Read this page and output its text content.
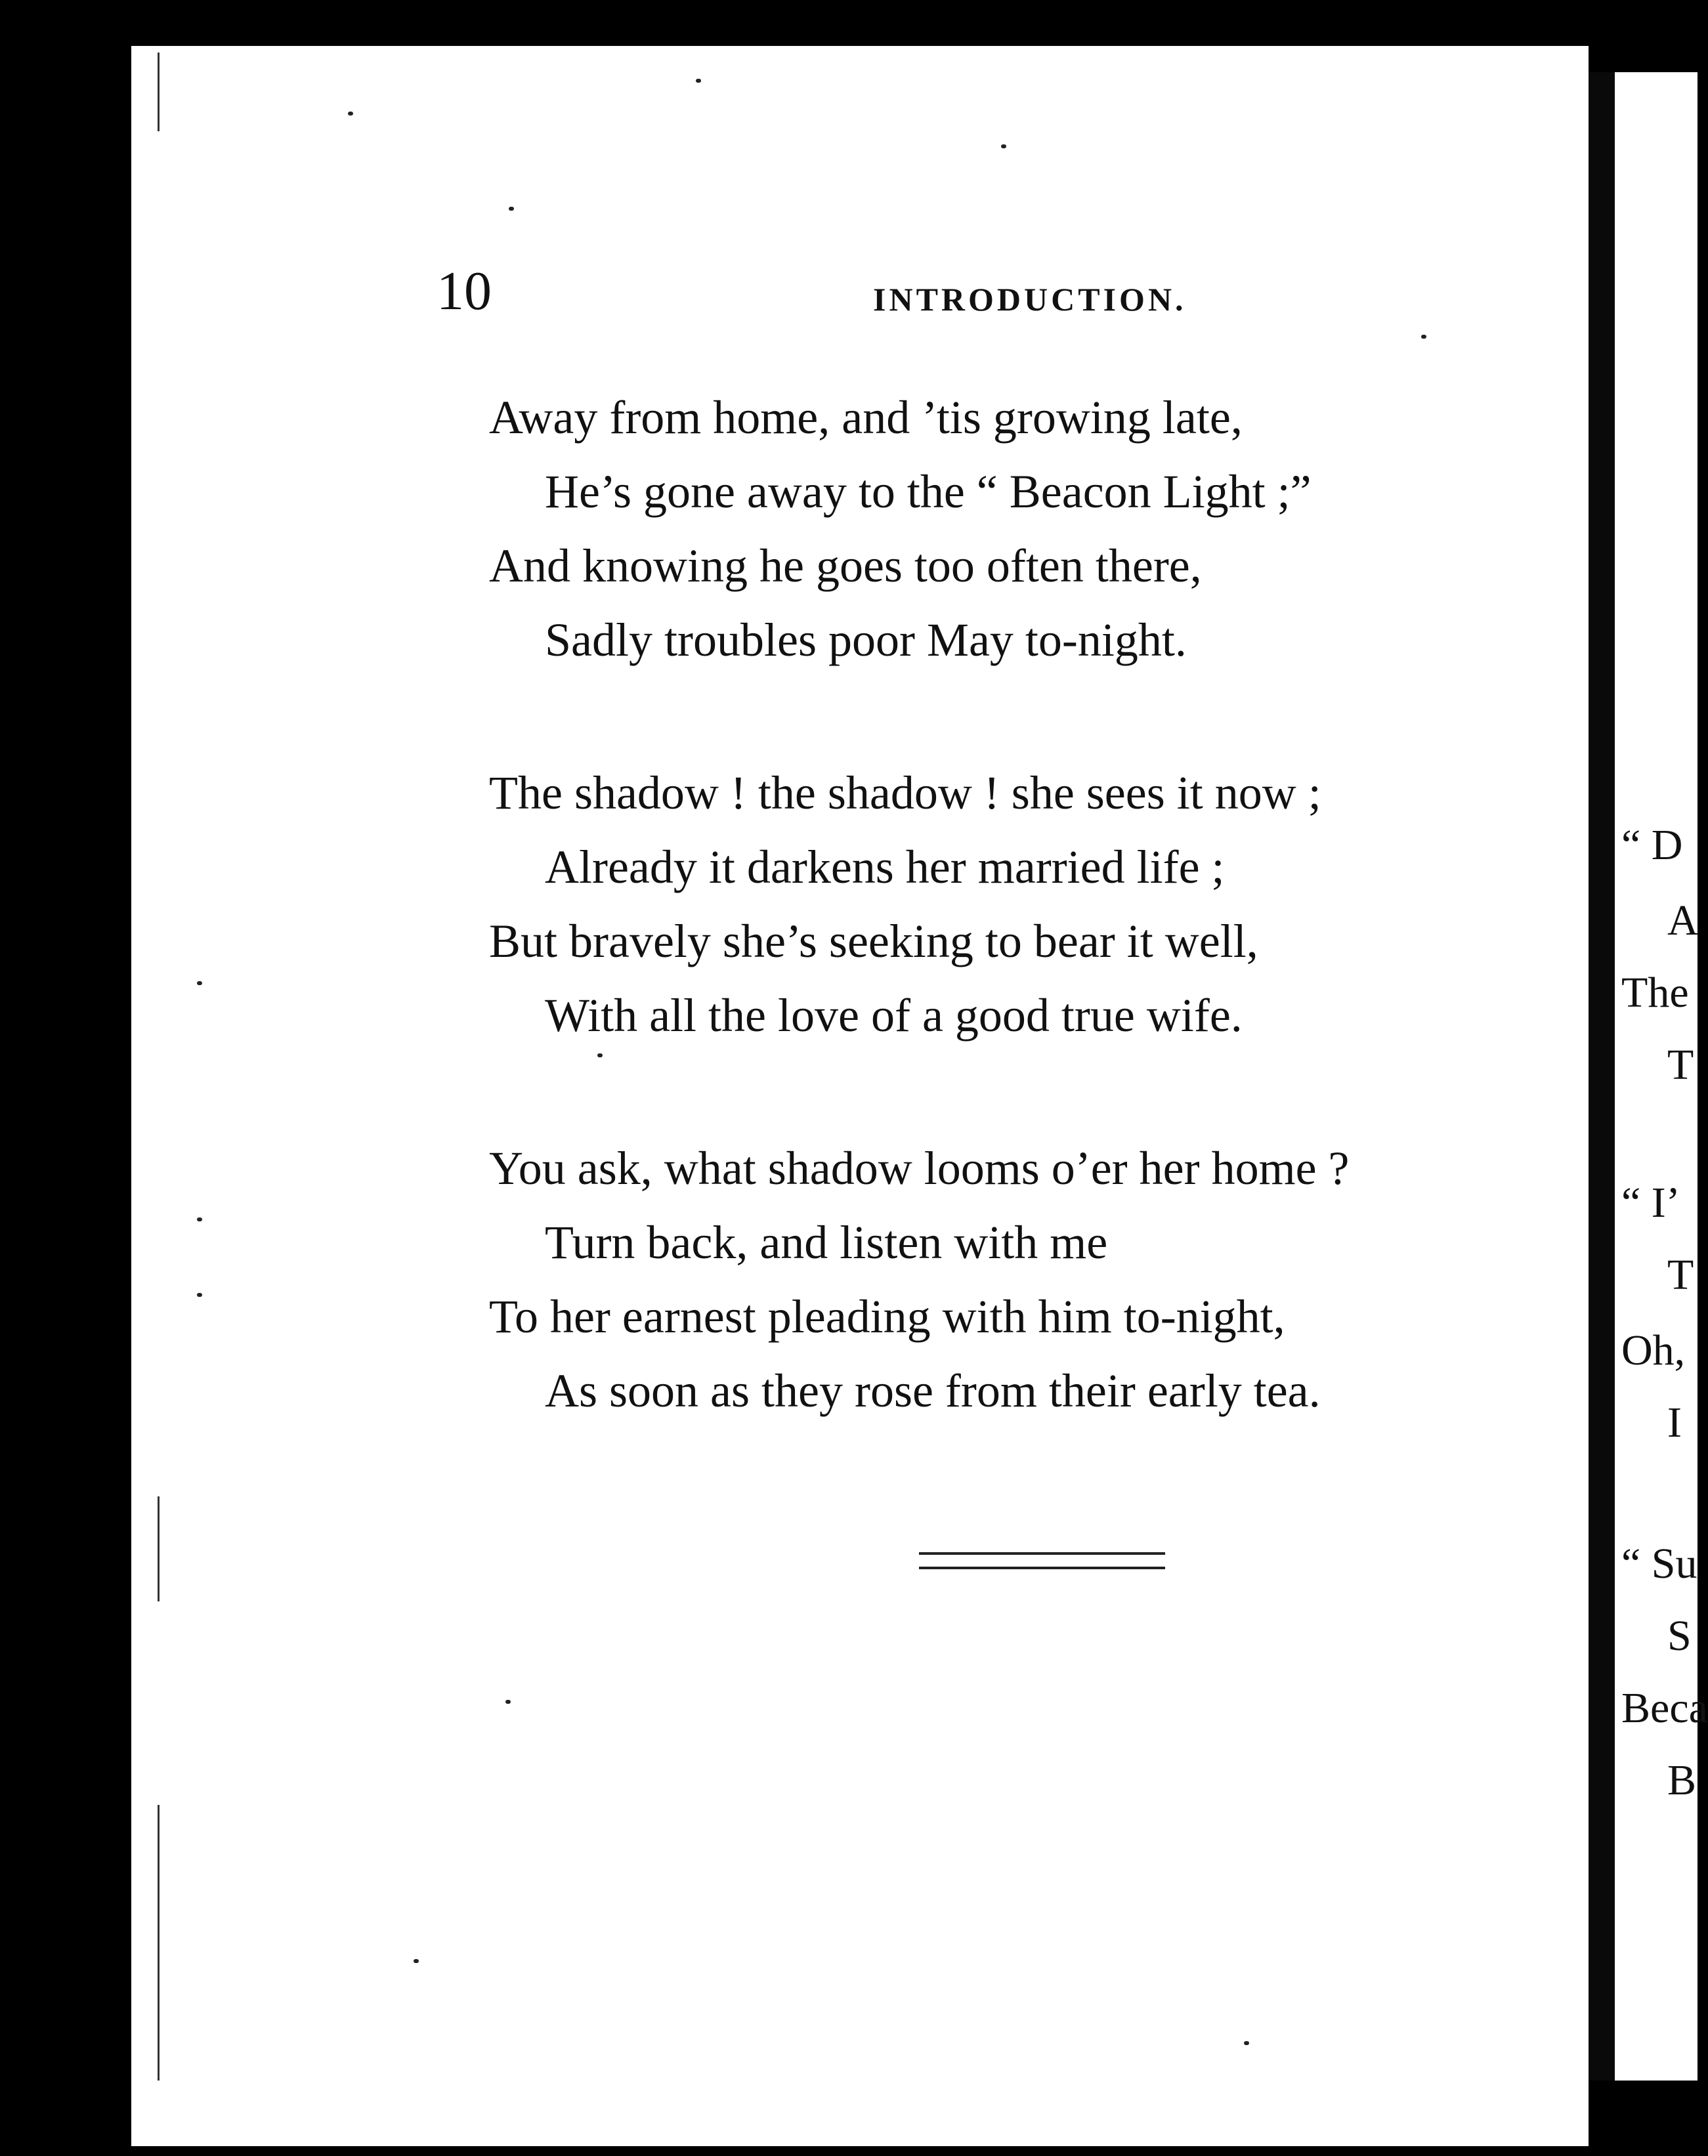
“ D
A
The
T
“ I’
T
Oh,
I
“ Su
S
Beca
B
10	INTRODUCTION.
Away from home, and ’tis growing late,
He’s gone away to the “ Beacon Light ;”
And knowing he goes too often there,
Sadly troubles poor May to-night.
The shadow ! the shadow ! she sees it now ;
Already it darkens her married life ;
But bravely she’s seeking to bear it well,
With all the love of a good true wife.
You ask, what shadow looms o’er her home ?
Turn back, and listen with me
To her earnest pleading with him to-night,
As soon as they rose from their early tea.
